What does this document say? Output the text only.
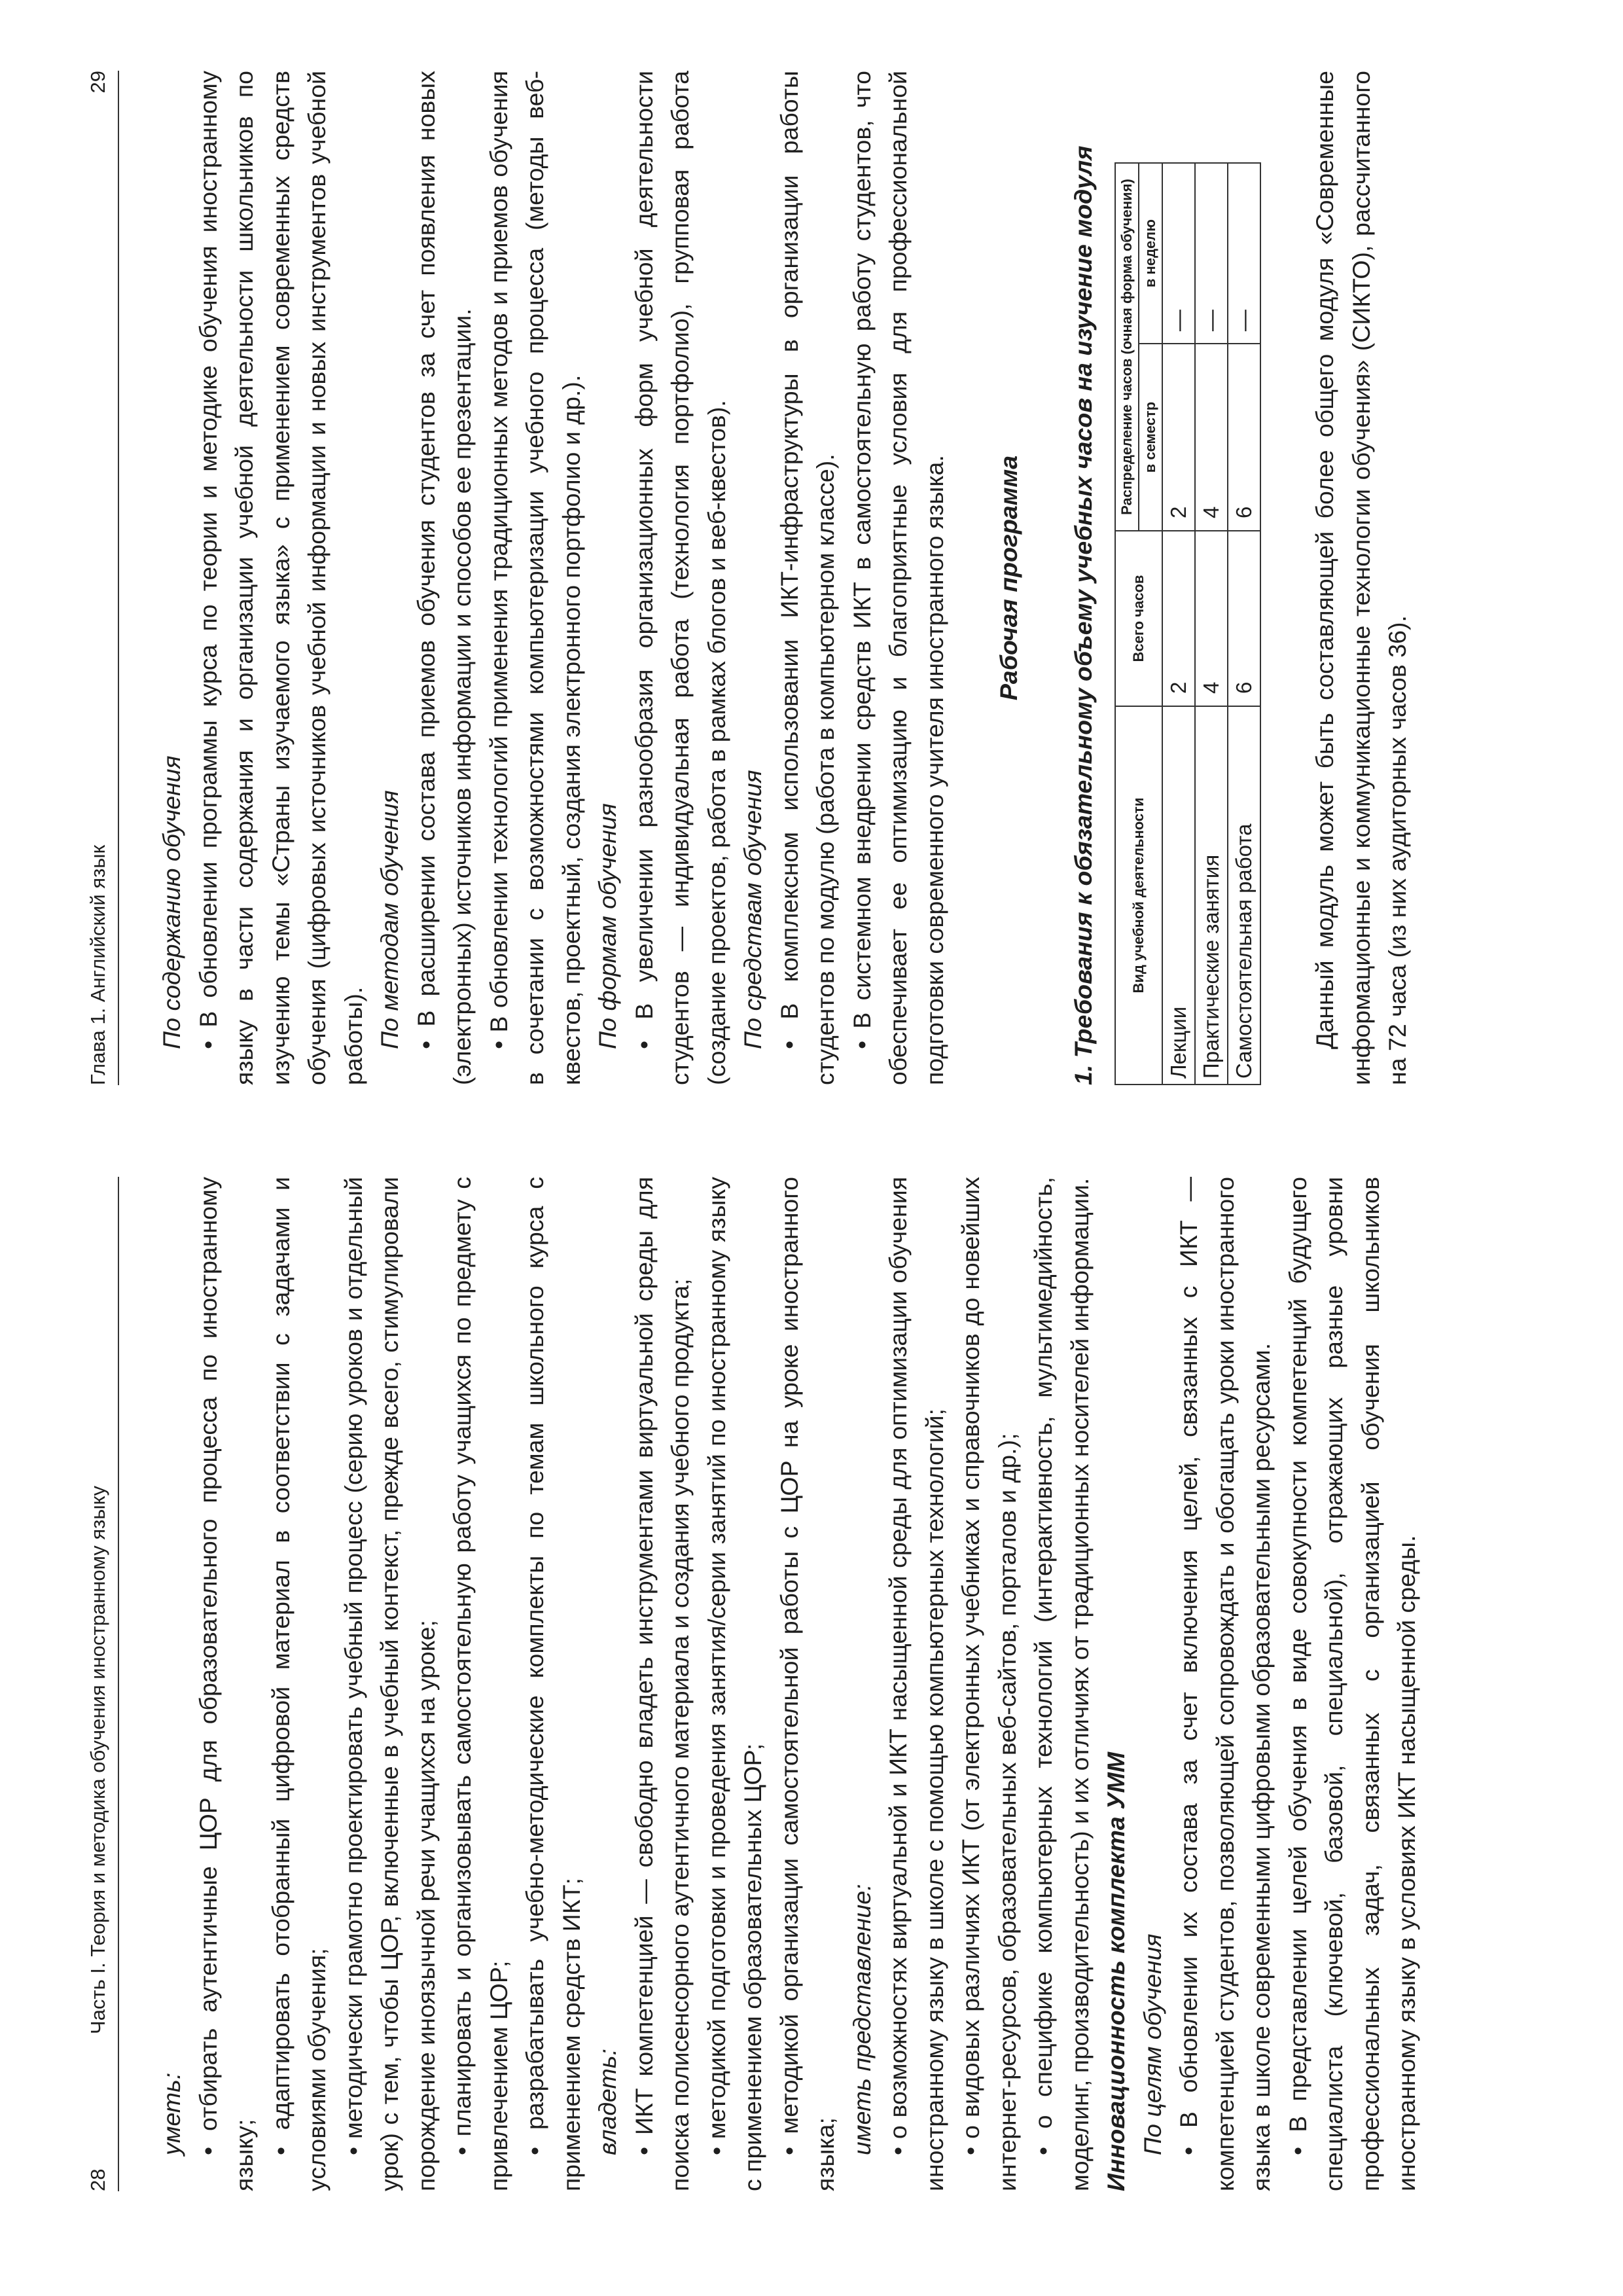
28
Часть I. Теория и методика обучения иностранному языку

уметь: • отбирать аутентичные ЦОР для образовательного процесса по иностранному языку; • адаптировать отобранный цифровой материал в соответствии с задачами и условиями обучения; • методически грамотно проектировать учебный процесс (серию уроков и отдельный урок) с тем, чтобы ЦОР, включенные в учебный контекст, прежде всего, стимулировали порождение иноязычной речи учащихся на уроке; • планировать и организовывать самостоятельную работу учащихся по предмету с привлечением ЦОР; • разрабатывать учебно-методические комплекты по темам школьного курса с применением средств ИКТ; владеть: • ИКТ компетенцией — свободно владеть инструментами виртуальной среды для поиска полисенсорного аутентичного материала и создания учебного продукта; • методикой подготовки и проведения занятия/серии занятий по иностранному языку с применением образовательных ЦОР; • методикой организации самостоятельной работы с ЦОР на уроке иностранного языка; иметь представление: • о возможностях виртуальной и ИКТ насыщенной среды для оптимизации обучения иностранному языку в школе с помощью компьютерных технологий; • о видовых различиях ИКТ (от электронных учебниках и справочников до новейших интернет-ресурсов, образовательных веб-сайтов, порталов и др.); • о специфике компьютерных технологий (интерактивность, мультимедийность, моделинг, производительность) и их отличиях от традиционных носителей информации. Инновационность комплекта УММ По целям обучения • В обновлении их состава за счет включения целей, связанных с ИКТ — компетенцией студентов, позволяющей сопровождать и обогащать уроки иностранного языка в школе современными цифровыми образовательными ресурсами. • В представлении целей обучения в виде совокупности компетенций будущего специалиста (ключевой, базовой, специальной), отражающих разные уровни профессиональных задач, связанных с организацией обучения школьников иностранному языку в условиях ИКТ насыщенной среды.

Глава 1. Английский язык
29

По содержанию обучения • В обновлении программы курса по теории и методике обучения иностранному языку в части содержания и организации учебной деятельности школьников по изучению темы «Страны изучаемого языка» с применением современных средств обучения (цифровых источников учебной информации и новых инструментов учебной работы). По методам обучения • В расширении состава приемов обучения студентов за счет появления новых (электронных) источников информации и способов ее презентации. • В обновлении технологий применения традиционных методов и приемов обучения в сочетании с возможностями компьютеризации учебного процесса (методы веб-квестов, проектный, создания электронного портфолио и др.). По формам обучения • В увеличении разнообразия организационных форм учебной деятельности студентов — индивидуальная работа (технология портфолио), групповая работа (создание проектов, работа в рамках блогов и веб-квестов). По средствам обучения • В комплексном использовании ИКТ-инфраструктуры в организации работы студентов по модулю (работа в компьютерном классе). • В системном внедрении средств ИКТ в самостоятельную работу студентов, что обеспечивает ее оптимизацию и благоприятные условия для профессиональной подготовки современного учителя иностранного языка. Рабочая программа 1. Требования к обязательному объему учебных часов на изучение модуля	Вид учебной деятельности	Всего часов	Распределение часов (очная форма обучения)	
		в семестр	в неделю
Лекции	2	2	—
Практические занятия	4	4	—
Самостоятельная работа	6	6	— Данный модуль может быть составляющей более общего модуля «Современные информационные и коммуникационные технологии обучения» (СИКТО), рассчитанного на 72 часа (из них аудиторных часов 36).
